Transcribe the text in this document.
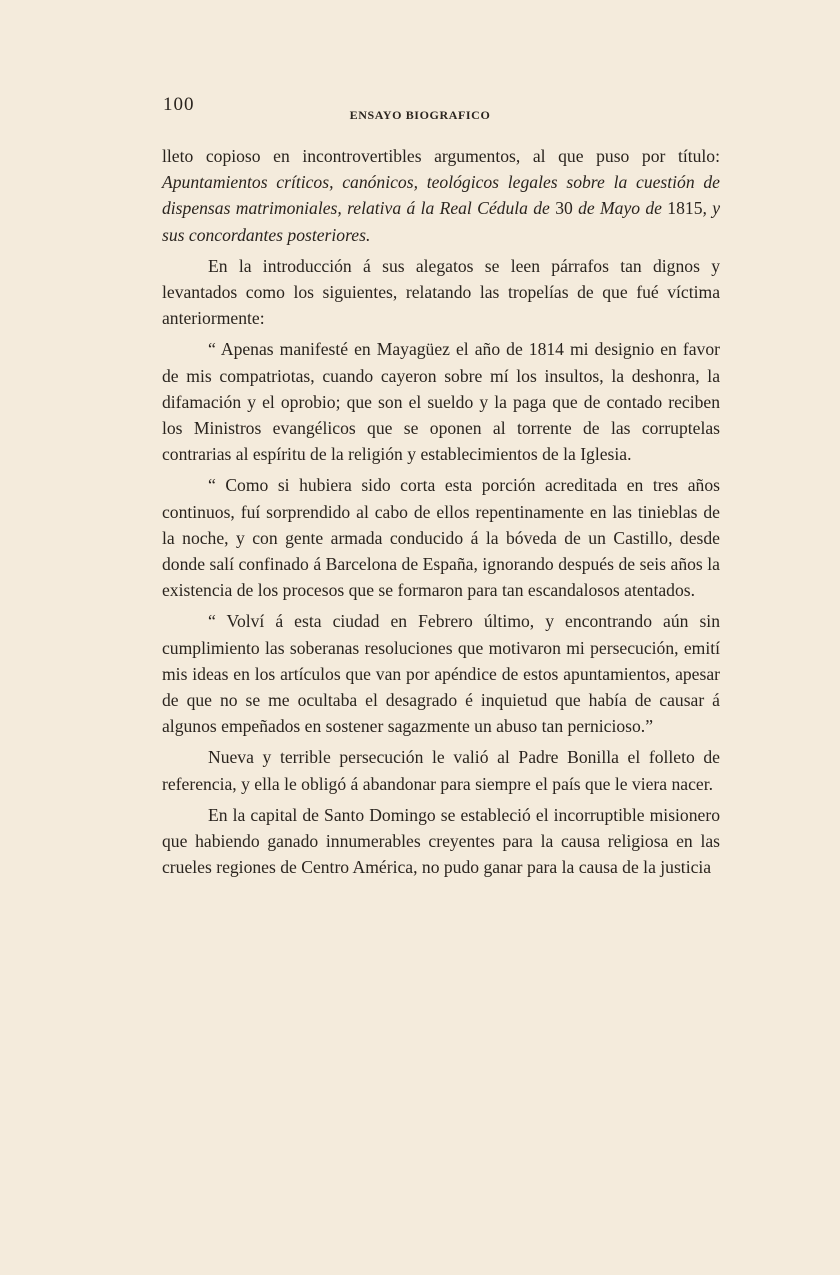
100	ENSAYO BIOGRAFICO

lleto copioso en incontrovertibles argumentos, al que puso por título: Apuntamientos críticos, canónicos, teológicos legales sobre la cuestión de dispensas matrimoniales, relativa á la Real Cédula de 30 de Mayo de 1815, y sus concordantes posteriores.

En la introducción á sus alegatos se leen párrafos tan dignos y levantados como los siguientes, relatando las tropelías de que fué víctima anteriormente:

“ Apenas manifesté en Mayagüez el año de 1814 mi designio en favor de mis compatriotas, cuando cayeron sobre mí los insultos, la deshonra, la difamación y el oprobio; que son el sueldo y la paga que de contado reciben los Ministros evangélicos que se oponen al torrente de las corruptelas contrarias al espíritu de la religión y establecimientos de la Iglesia.

“ Como si hubiera sido corta esta porción acreditada en tres años continuos, fuí sorprendido al cabo de ellos repentinamente en las tinieblas de la noche, y con gente armada conducido á la bóveda de un Castillo, desde donde salí confinado á Barcelona de España, ignorando después de seis años la existencia de los procesos que se formaron para tan escandalosos atentados.

“ Volví á esta ciudad en Febrero último, y encontrando aún sin cumplimiento las soberanas resoluciones que motivaron mi persecución, emití mis ideas en los artículos que van por apéndice de estos apuntamientos, apesar de que no se me ocultaba el desagrado é inquietud que había de causar á algunos empeñados en sostener sagazmente un abuso tan pernicioso.”

Nueva y terrible persecución le valió al Padre Bonilla el folleto de referencia, y ella le obligó á abandonar para siempre el país que le viera nacer.

En la capital de Santo Domingo se estableció el incorruptible misionero que habiendo ganado innumerables creyentes para la causa religiosa en las crueles regiones de Centro América, no pudo ganar para la causa de la justicia
